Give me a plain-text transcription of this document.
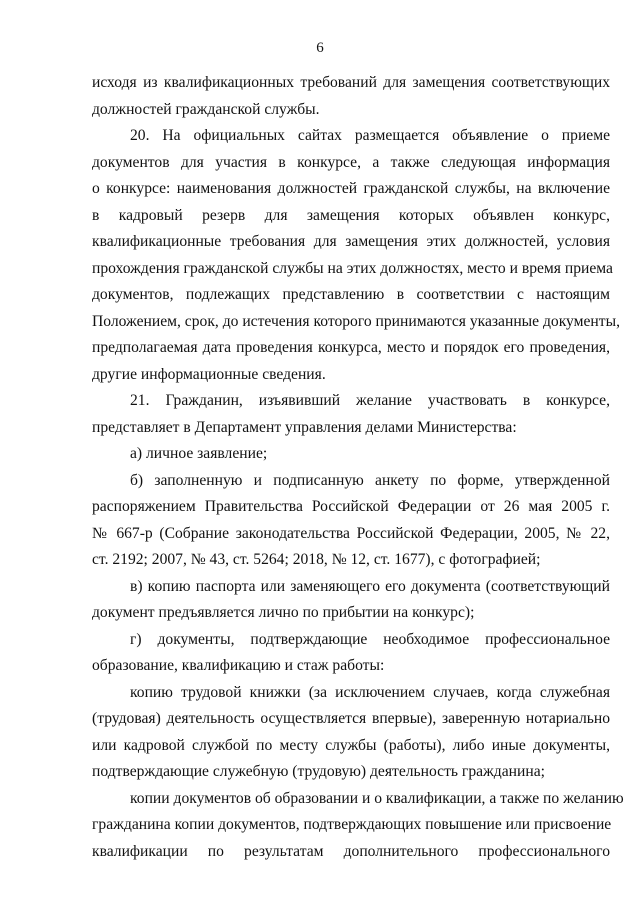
6
исходя из квалификационных требований для замещения соответствующих
должностей гражданской службы.
20. На официальных сайтах размещается объявление о приеме
документов для участия в конкурсе, а также следующая информация
о конкурсе: наименования должностей гражданской службы, на включение
в кадровый резерв для замещения которых объявлен конкурс,
квалификационные требования для замещения этих должностей, условия
прохождения гражданской службы на этих должностях, место и время приема
документов, подлежащих представлению в соответствии с настоящим
Положением, срок, до истечения которого принимаются указанные документы,
предполагаемая дата проведения конкурса, место и порядок его проведения,
другие информационные сведения.
21. Гражданин, изъявивший желание участвовать в конкурсе,
представляет в Департамент управления делами Министерства:
а) личное заявление;
б) заполненную и подписанную анкету по форме, утвержденной
распоряжением Правительства Российской Федерации от 26 мая 2005 г.
№ 667-р (Собрание законодательства Российской Федерации, 2005, № 22,
ст. 2192; 2007, № 43, ст. 5264; 2018, № 12, ст. 1677), с фотографией;
в) копию паспорта или заменяющего его документа (соответствующий
документ предъявляется лично по прибытии на конкурс);
г) документы, подтверждающие необходимое профессиональное
образование, квалификацию и стаж работы:
копию трудовой книжки (за исключением случаев, когда служебная
(трудовая) деятельность осуществляется впервые), заверенную нотариально
или кадровой службой по месту службы (работы), либо иные документы,
подтверждающие служебную (трудовую) деятельность гражданина;
копии документов об образовании и о квалификации, а также по желанию
гражданина копии документов, подтверждающих повышение или присвоение
квалификации по результатам дополнительного профессионального
